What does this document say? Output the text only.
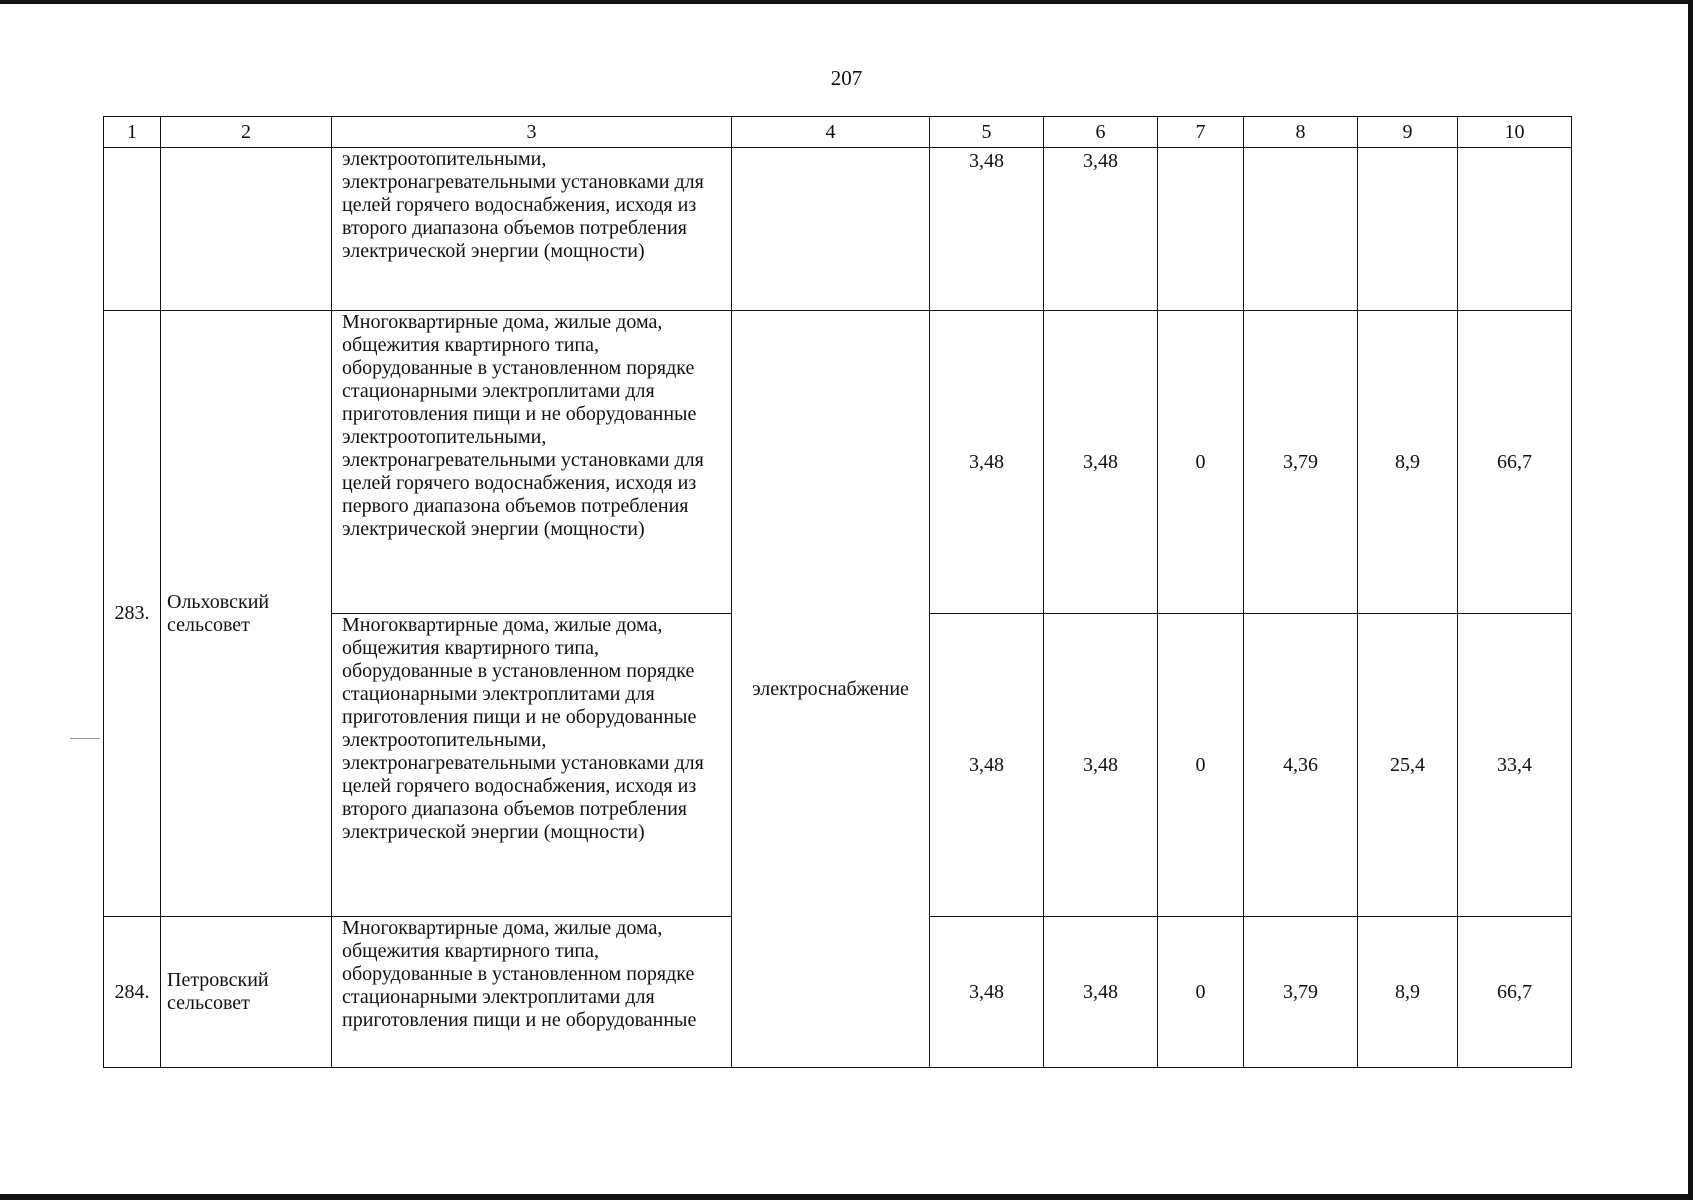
207
1	2	3	4	5	6	7	8	9	10
		электроотопительными, электронагревательными установками для целей горячего водоснабжения, исходя из второго диапазона объемов потребления электрической энергии (мощности)		3,48	3,48				
283.	Ольховский сельсовет	Многоквартирные дома, жилые дома, общежития квартирного типа, оборудованные в установленном порядке стационарными электроплитами для приготовления пищи и не оборудованные электроотопительными, электронагревательными установками для целей горячего водоснабжения, исходя из первого диапазона объемов потребления электрической энергии (мощности)	электроснабжение	3,48	3,48	0	3,79	8,9	66,7
		Многоквартирные дома, жилые дома, общежития квартирного типа, оборудованные в установленном порядке стационарными электроплитами для приготовления пищи и не оборудованные электроотопительными, электронагревательными установками для целей горячего водоснабжения, исходя из второго диапазона объемов потребления электрической энергии (мощности)		3,48	3,48	0	4,36	25,4	33,4
284.	Петровский сельсовет	Многоквартирные дома, жилые дома, общежития квартирного типа, оборудованные в установленном порядке стационарными электроплитами для приготовления пищи и не оборудованные		3,48	3,48	0	3,79	8,9	66,7
